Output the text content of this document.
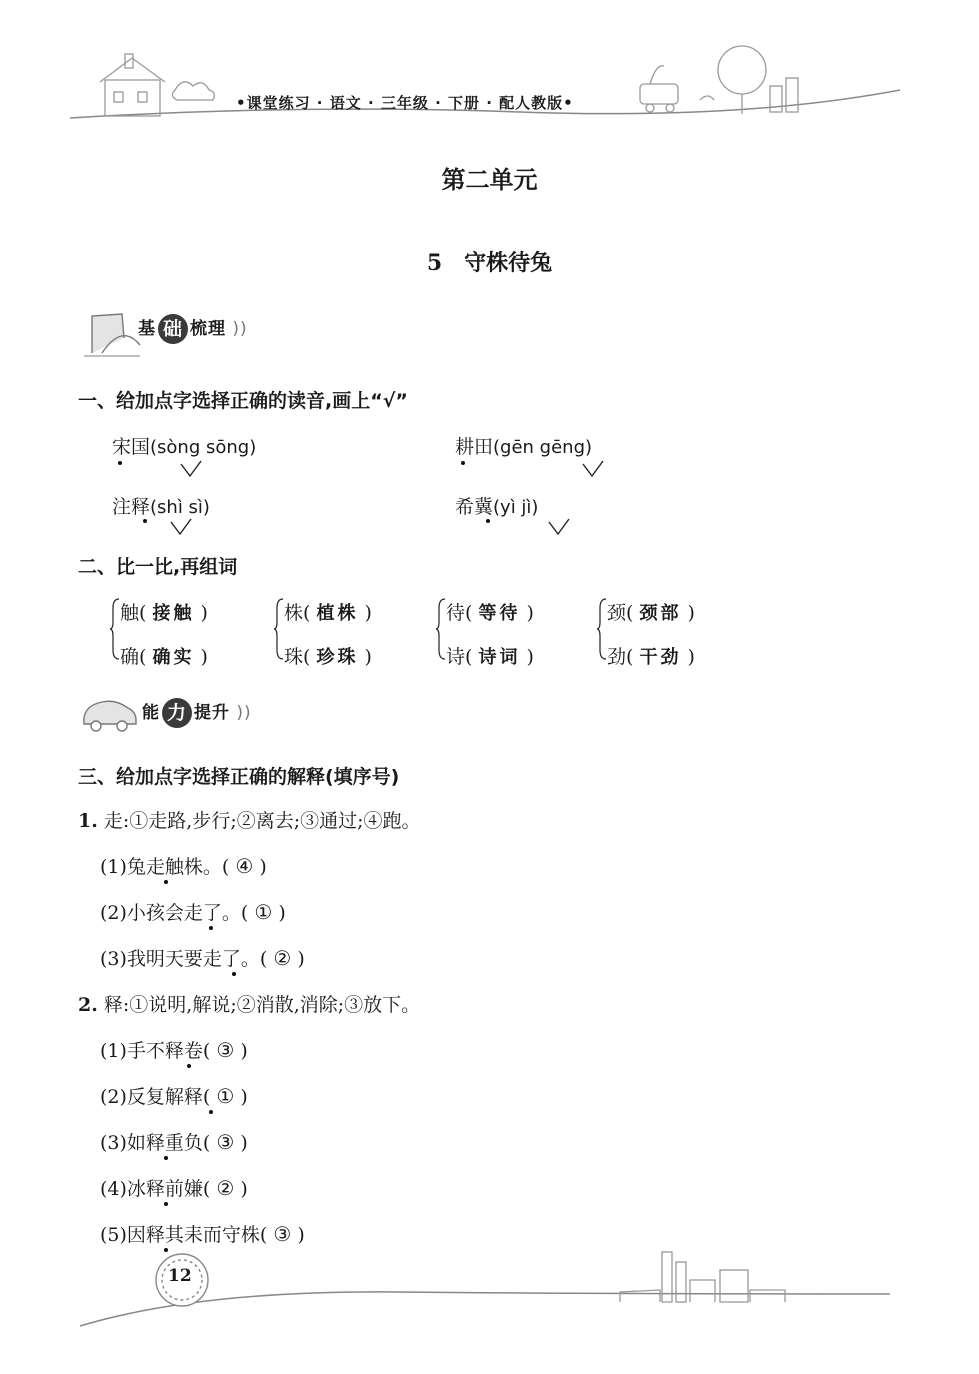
•课堂练习 · 语文 · 三年级 · 下册 · 配人教版•
第二单元
5 守株待兔
基 础 梳理 ))
一、给加点字选择正确的读音,画上“√”
宋国(sòng sōng)	耕田(gēn gēng)
注释(shì sì)	希冀(yì jì)
二、比一比,再组词
触( 接触 )
确( 确实 )
株( 植株 )
珠( 珍珠 )
待( 等待 )
诗( 诗词 )
颈( 颈部 )
劲( 干劲 )
能 力 提升 ))
三、给加点字选择正确的解释(填序号)
1. 走:①走路,步行;②离去;③通过;④跑。
(1)兔走触株。( ④ )
(2)小孩会走了。( ① )
(3)我明天要走了。( ② )
2. 释:①说明,解说;②消散,消除;③放下。
(1)手不释卷( ③ )
(2)反复解释( ① )
(3)如释重负( ③ )
(4)冰释前嫌( ② )
(5)因释其耒而守株( ③ )
12
